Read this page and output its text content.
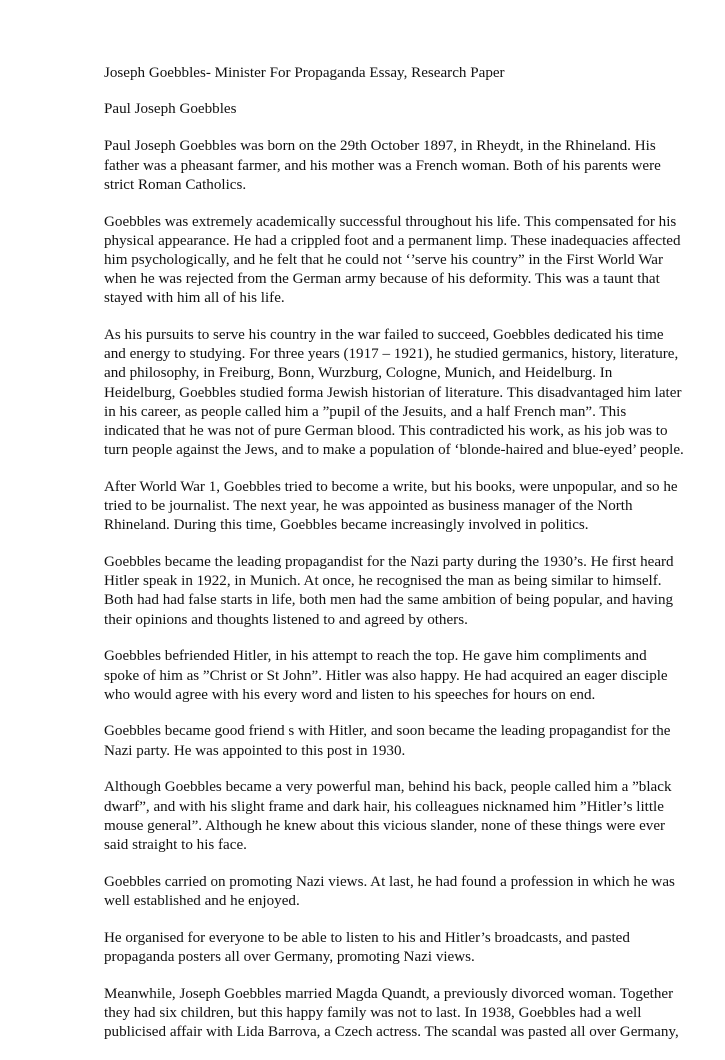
Joseph Goebbles- Minister For Propaganda Essay, Research Paper

Paul Joseph Goebbles

Paul Joseph Goebbles was born on the 29th October 1897, in Rheydt, in the Rhineland. His father was a pheasant farmer, and his mother was a French woman. Both of his parents were strict Roman Catholics.

Goebbles was extremely academically successful throughout his life. This compensated for his physical appearance. He had a crippled foot and a permanent limp. These inadequacies affected him psychologically, and he felt that he could not ‘’serve his country” in the First World War when he was rejected from the German army because of his deformity. This was a taunt that stayed with him all of his life.

As his pursuits to serve his country in the war failed to succeed, Goebbles dedicated his time and energy to studying. For three years (1917 – 1921), he studied germanics, history, literature, and philosophy, in Freiburg, Bonn, Wurzburg, Cologne, Munich, and Heidelburg. In Heidelburg, Goebbles studied forma Jewish historian of literature. This disadvantaged him later in his career, as people called him a ”pupil of the Jesuits, and a half French man”. This indicated that he was not of pure German blood. This contradicted his work, as his job was to turn people against the Jews, and to make a population of ‘blonde-haired and blue-eyed’ people.

After World War 1, Goebbles tried to become a write, but his books, were unpopular, and so he tried to be journalist. The next year, he was appointed as business manager of the North Rhineland. During this time, Goebbles became increasingly involved in politics.

Goebbles became the leading propagandist for the Nazi party during the 1930’s. He first heard Hitler speak in 1922, in Munich. At once, he recognised the man as being similar to himself. Both had had false starts in life, both men had the same ambition of being popular, and having their opinions and thoughts listened to and agreed by others.

Goebbles befriended Hitler, in his attempt to reach the top. He gave him compliments and spoke of him as ”Christ or St John”. Hitler was also happy. He had acquired an eager disciple who would agree with his every word and listen to his speeches for hours on end.

Goebbles became good friend s with Hitler, and soon became the leading propagandist for the Nazi party. He was appointed to this post in 1930.

Although Goebbles became a very powerful man, behind his back, people called him a ”black dwarf”, and with his slight frame and dark hair, his colleagues nicknamed him ”Hitler’s little mouse general”. Although he knew about this vicious slander, none of these things were ever said straight to his face.

Goebbles carried on promoting Nazi views. At last, he had found a profession in which he was well established and he enjoyed.

He organised for everyone to be able to listen to his and Hitler’s broadcasts, and pasted propaganda posters all over Germany, promoting Nazi views.

Meanwhile, Joseph Goebbles married Magda Quandt, a previously divorced woman. Together they had six children, but this happy family was not to last. In 1938, Goebbles had a well publicised affair with Lida Barrova, a Czech actress. The scandal was pasted all over Germany,
